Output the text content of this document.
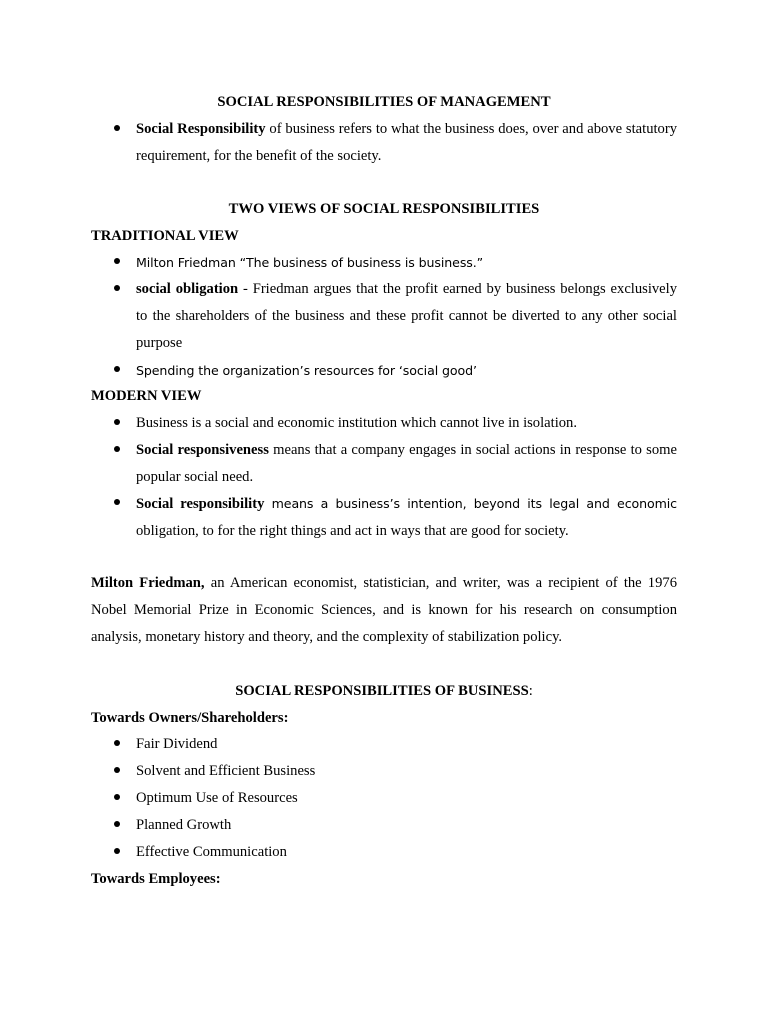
SOCIAL RESPONSIBILITIES OF MANAGEMENT
Social Responsibility of business refers to what the business does, over and above statutory requirement, for the benefit of the society.
TWO VIEWS OF SOCIAL RESPONSIBILITIES
TRADITIONAL VIEW
Milton Friedman “The business of business is business.”
social obligation - Friedman argues that the profit earned by business belongs exclusively to the shareholders of the business and these profit cannot be diverted to any other social purpose
Spending the organization’s resources for ‘social good’
MODERN VIEW
Business is a social and economic institution which cannot live in isolation.
Social responsiveness means that a company engages in social actions in response to some popular social need.
Social responsibility means a business’s intention, beyond its legal and economic
obligation, to for the right things and act in ways that are good for society.
Milton Friedman, an American economist, statistician, and writer, was a recipient of the 1976 Nobel Memorial Prize in Economic Sciences, and is known for his research on consumption analysis, monetary history and theory, and the complexity of stabilization policy.
SOCIAL RESPONSIBILITIES OF BUSINESS:
Towards Owners/Shareholders:
Fair Dividend
Solvent and Efficient Business
Optimum Use of Resources
Planned Growth
Effective Communication
Towards Employees:
